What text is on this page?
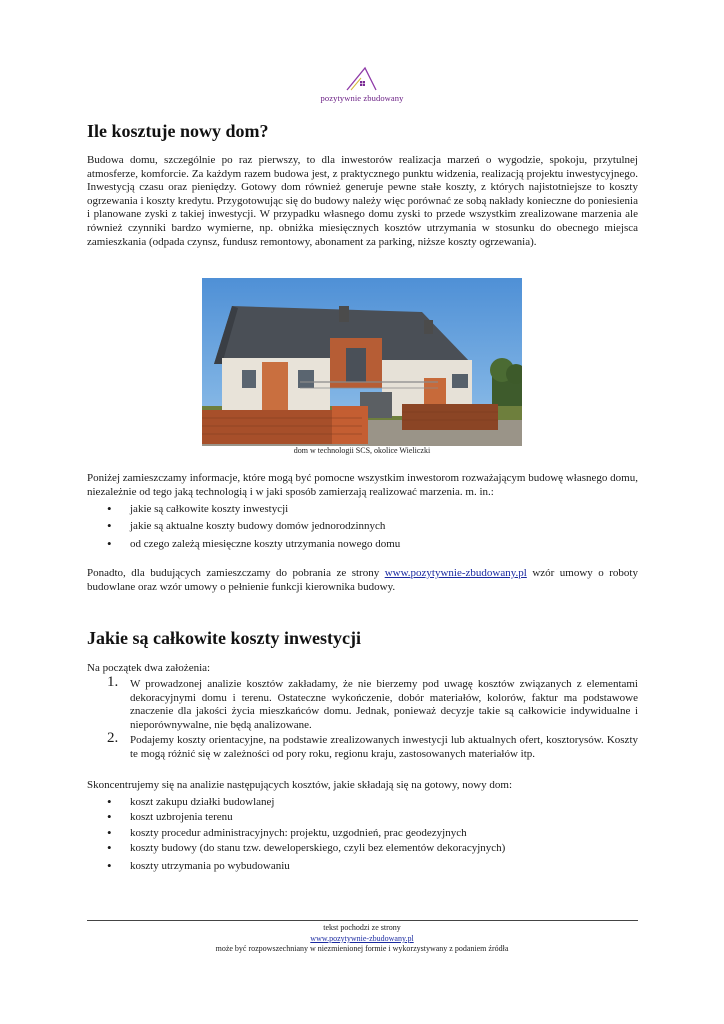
pozytywnie zbudowany
Ile kosztuje nowy dom?

Budowa domu, szczególnie po raz pierwszy, to dla inwestorów realizacja marzeń o wygodzie, spokoju, przytulnej atmosferze, komforcie. Za każdym razem budowa jest, z praktycznego punktu widzenia, realizacją projektu inwestycyjnego. Inwestycją czasu oraz pieniędzy. Gotowy dom również generuje pewne stałe koszty, z których najistotniejsze to koszty ogrzewania i koszty kredytu. Przygotowując się do budowy należy więc porównać ze sobą nakłady konieczne do poniesienia i planowane zyski z takiej inwestycji. W przypadku własnego domu zyski to przede wszystkim zrealizowane marzenia ale również czynniki bardzo wymierne, np. obniżka miesięcznych kosztów utrzymania w stosunku do obecnego miejsca zamieszkania (odpada czynsz, fundusz remontowy, abonament za parking, niższe koszty ogrzewania).

dom w technologii SCS, okolice Wieliczki

Poniżej zamieszczamy informacje, które mogą być pomocne wszystkim inwestorom rozważającym budowę własnego domu, niezależnie od tego jaką technologią i w jaki sposób zamierzają realizować marzenia. m. in.:

• jakie są całkowite koszty inwestycji
• jakie są aktualne koszty budowy domów jednorodzinnych
• od czego zależą miesięczne koszty utrzymania nowego domu

Ponadto, dla budujących zamieszczamy do pobrania ze strony www.pozytywnie-zbudowany.pl wzór umowy o roboty budowlane oraz wzór umowy o pełnienie funkcji kierownika budowy.

Jakie są całkowite koszty inwestycji

Na początek dwa założenia:

1. W prowadzonej analizie kosztów zakładamy, że nie bierzemy pod uwagę kosztów związanych z elementami dekoracyjnymi domu i terenu. Ostateczne wykończenie, dobór materiałów, kolorów, faktur ma podstawowe znaczenie dla jakości życia mieszkańców domu. Jednak, ponieważ decyzje takie są całkowicie indywidualne i nieporównywalne, nie będą analizowane.
2. Podajemy koszty orientacyjne, na podstawie zrealizowanych inwestycji lub aktualnych ofert, kosztorysów. Koszty te mogą różnić się w zależności od pory roku, regionu kraju, zastosowanych materiałów itp.

Skoncentrujemy się na analizie następujących kosztów, jakie składają się na gotowy, nowy dom:

• koszt zakupu działki budowlanej
• koszt uzbrojenia terenu
• koszty procedur administracyjnych: projektu, uzgodnień, prac geodezyjnych
• koszty budowy (do stanu tzw. deweloperskiego, czyli bez elementów dekoracyjnych)
• koszty utrzymania po wybudowaniu
tekst pochodzi ze strony
www.pozytywnie-zbudowany.pl
może być rozpowszechniany w niezmienionej formie i wykorzystywany z podaniem źródła
